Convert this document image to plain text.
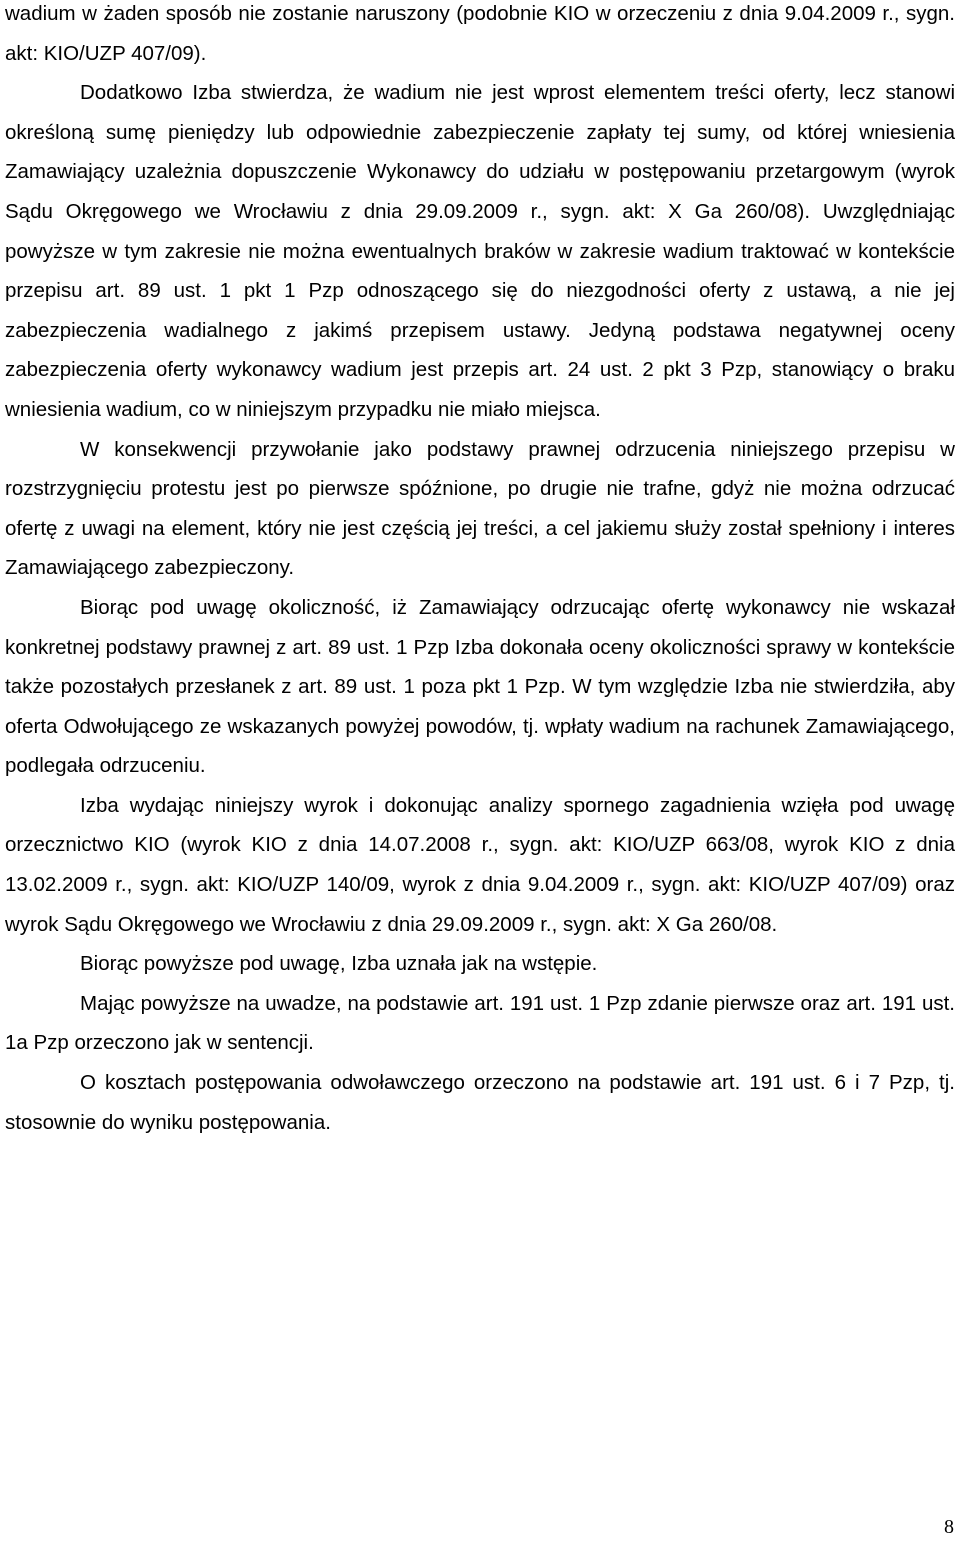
wadium w żaden sposób nie zostanie naruszony (podobnie KIO w orzeczeniu z dnia 9.04.2009 r., sygn. akt: KIO/UZP 407/09).

Dodatkowo Izba stwierdza, że wadium nie jest wprost elementem treści oferty, lecz stanowi określoną sumę pieniędzy lub odpowiednie zabezpieczenie zapłaty tej sumy, od której wniesienia Zamawiający uzależnia dopuszczenie Wykonawcy do udziału w postępowaniu przetargowym (wyrok Sądu Okręgowego we Wrocławiu z dnia 29.09.2009 r., sygn. akt: X Ga 260/08). Uwzględniając powyższe w tym zakresie nie można ewentualnych braków w zakresie wadium traktować w kontekście przepisu art. 89 ust. 1 pkt 1 Pzp odnoszącego się do niezgodności oferty z ustawą, a nie jej zabezpieczenia wadialnego z jakimś przepisem ustawy. Jedyną podstawa negatywnej oceny zabezpieczenia oferty wykonawcy wadium jest przepis art. 24 ust. 2 pkt 3 Pzp, stanowiący o braku wniesienia wadium, co w niniejszym przypadku nie miało miejsca.

W konsekwencji przywołanie jako podstawy prawnej odrzucenia niniejszego przepisu w rozstrzygnięciu protestu jest po pierwsze spóźnione, po drugie nie trafne, gdyż nie można odrzucać ofertę z uwagi na element, który nie jest częścią jej treści, a cel jakiemu służy został spełniony i interes Zamawiającego zabezpieczony.

Biorąc pod uwagę okoliczność, iż Zamawiający odrzucając ofertę wykonawcy nie wskazał konkretnej podstawy prawnej z art. 89 ust. 1 Pzp Izba dokonała oceny okoliczności sprawy w kontekście także pozostałych przesłanek z art. 89 ust. 1 poza pkt 1 Pzp. W tym względzie Izba nie stwierdziła, aby oferta Odwołującego ze wskazanych powyżej powodów, tj. wpłaty wadium na rachunek Zamawiającego, podlegała odrzuceniu.

Izba wydając niniejszy wyrok i dokonując analizy spornego zagadnienia wzięła pod uwagę orzecznictwo KIO (wyrok KIO z dnia 14.07.2008 r., sygn. akt: KIO/UZP 663/08, wyrok KIO z dnia 13.02.2009 r., sygn. akt: KIO/UZP 140/09, wyrok z dnia 9.04.2009 r., sygn. akt: KIO/UZP 407/09) oraz wyrok Sądu Okręgowego we Wrocławiu z dnia 29.09.2009 r., sygn. akt: X Ga 260/08.

Biorąc powyższe pod uwagę, Izba uznała jak na wstępie.

Mając powyższe na uwadze, na podstawie art. 191 ust. 1 Pzp zdanie pierwsze oraz art. 191 ust. 1a Pzp orzeczono jak w sentencji.

O kosztach postępowania odwoławczego orzeczono na podstawie art. 191 ust. 6 i 7 Pzp, tj. stosownie do wyniku postępowania.

8
